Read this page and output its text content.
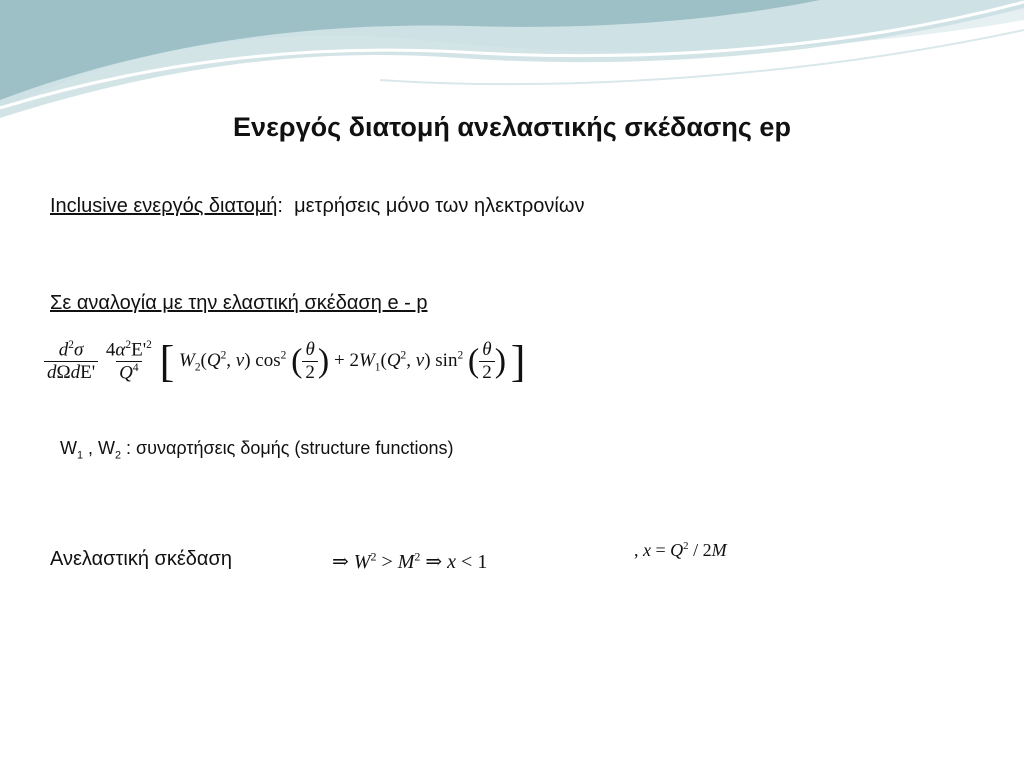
Ενεργός διατομή ανελαστικής σκέδασης ep
Inclusive ενεργός διατομή: μετρήσεις μόνο των ηλεκτρονίων
Σε αναλογία με την ελαστική σκέδαση e - p
$\frac{d^2\sigma}{\text{dΩdE'}}$
$\frac{4\alpha^2E'^2}{Q^4}$ [ $W_2(Q^2$, v) $\cos^2$ ( $\frac{\theta}{2}$ ) + $2W_1(Q^2$, v) $\sin^2$ ( $\frac{\theta}{2}$ ) ]
$W_1$ , $W_2$ : συναρτήσεις δομής (structure functions)
Ανελαστική σκέδαση	⇒ $W^2 > M^2$ ⇒ x < 1
, $x = Q^2 / 2M$
